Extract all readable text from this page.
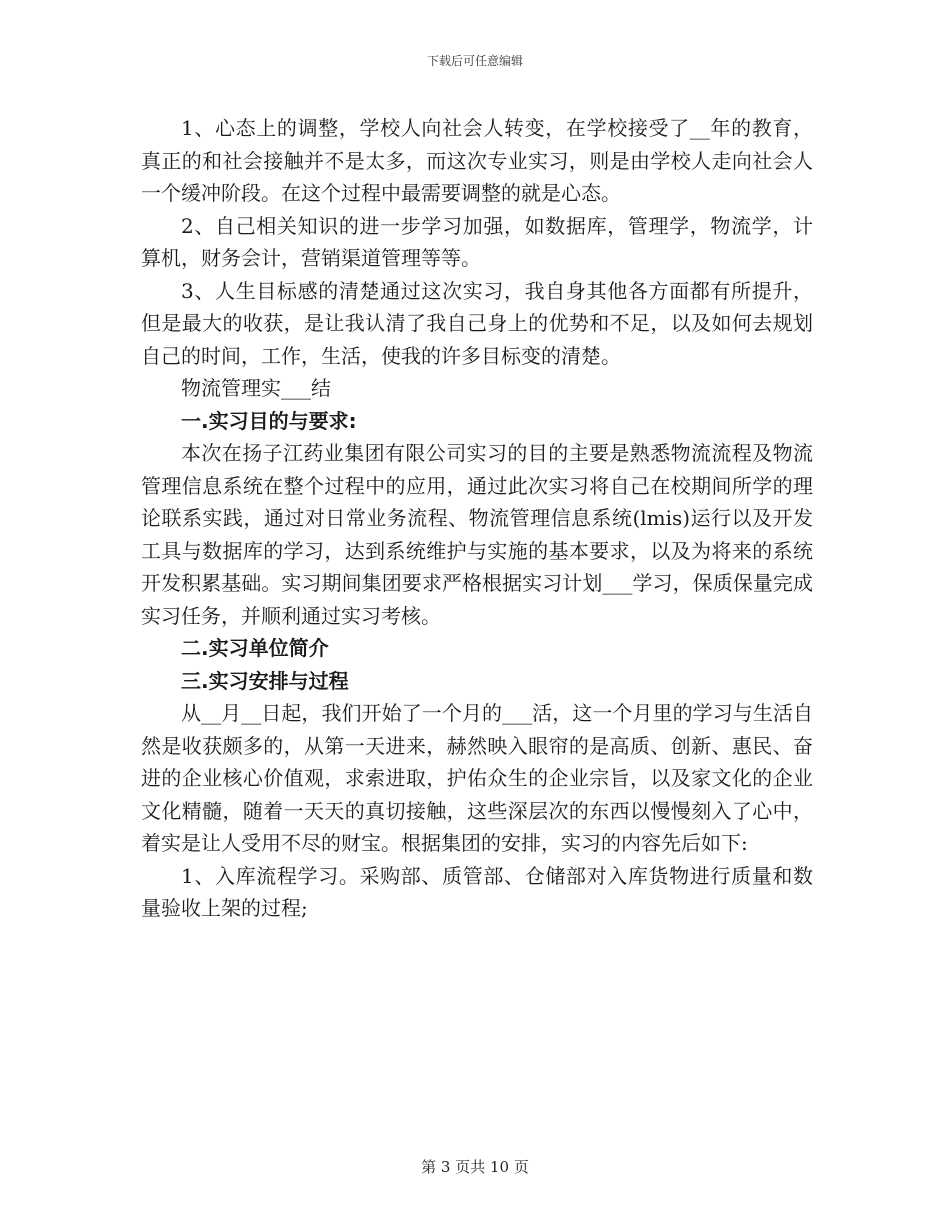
下载后可任意编辑

1、心态上的调整，学校人向社会人转变，在学校接受了__年的教育，真正的和社会接触并不是太多，而这次专业实习，则是由学校人走向社会人一个缓冲阶段。在这个过程中最需要调整的就是心态。

2、自己相关知识的进一步学习加强，如数据库，管理学，物流学，计算机，财务会计，营销渠道管理等等。

3、人生目标感的清楚通过这次实习，我自身其他各方面都有所提升，但是最大的收获，是让我认清了我自己身上的优势和不足，以及如何去规划自己的时间，工作，生活，使我的许多目标变的清楚。

物流管理实___结

一.实习目的与要求:

本次在扬子江药业集团有限公司实习的目的主要是熟悉物流流程及物流管理信息系统在整个过程中的应用，通过此次实习将自己在校期间所学的理论联系实践，通过对日常业务流程、物流管理信息系统(lmis)运行以及开发工具与数据库的学习，达到系统维护与实施的基本要求，以及为将来的系统开发积累基础。实习期间集团要求严格根据实习计划___学习，保质保量完成实习任务，并顺利通过实习考核。

二.实习单位简介

三.实习安排与过程

从__月__日起，我们开始了一个月的___活，这一个月里的学习与生活自然是收获颇多的，从第一天进来，赫然映入眼帘的是高质、创新、惠民、奋进的企业核心价值观，求索进取，护佑众生的企业宗旨，以及家文化的企业文化精髓，随着一天天的真切接触，这些深层次的东西以慢慢刻入了心中，着实是让人受用不尽的财宝。根据集团的安排，实习的内容先后如下:

1、入库流程学习。采购部、质管部、仓储部对入库货物进行质量和数量验收上架的过程;

第 3 页共 10 页
